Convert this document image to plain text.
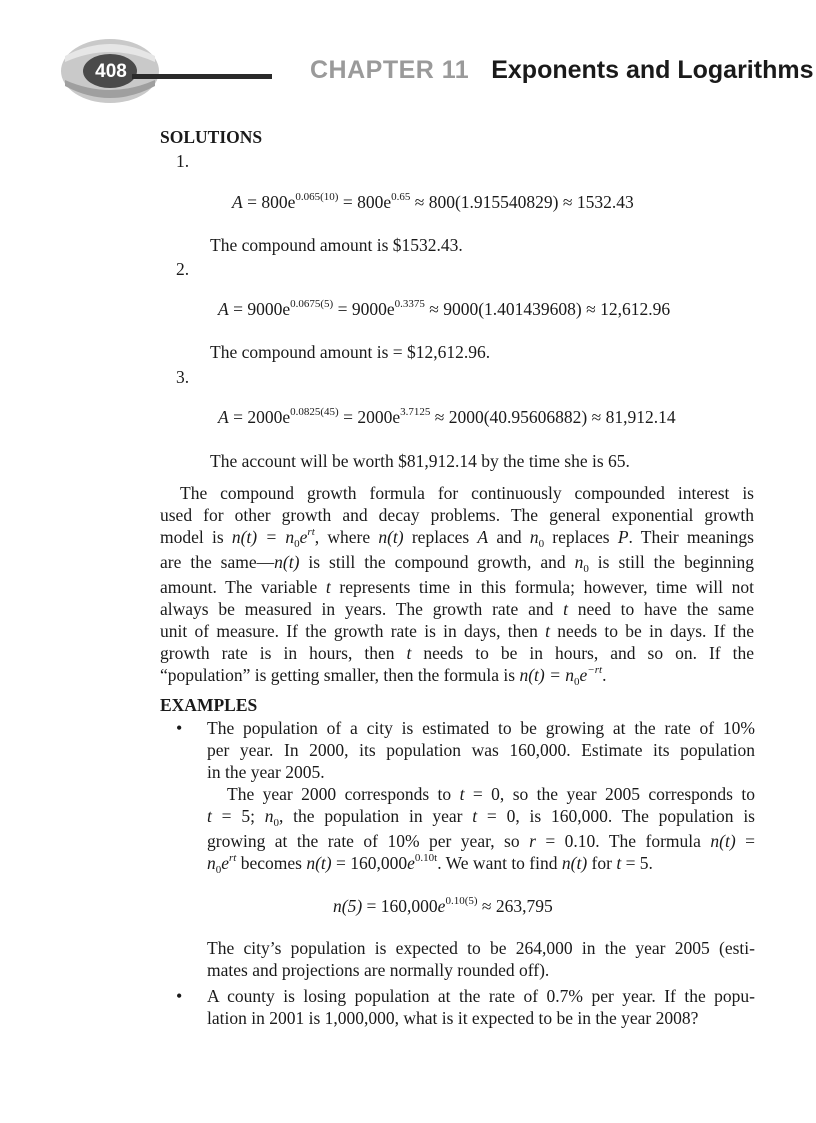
408	CHAPTER 11 Exponents and Logarithms
SOLUTIONS
1.
$A = 800e^{0.065(10)} = 800e^{0.65} \approx 800(1.915540829) \approx 1532.43$
The compound amount is $1532.43.
2.
$A = 9000e^{0.0675(5)} = 9000e^{0.3375} \approx 9000(1.401439608) \approx 12,612.96$
The compound amount is = $12,612.96.
3.
$A = 2000e^{0.0825(45)} = 2000e^{3.7125} \approx 2000(40.95606882) \approx 81,912.14$
The account will be worth $81,912.14 by the time she is 65.
The compound growth formula for continuously compounded interest is
used for other growth and decay problems. The general exponential growth
model is $n(t) = n_0e^{rt}$, where n(t) replaces A and $n_0$ replaces P. Their meanings
are the same—n(t) is still the compound growth, and $n_0$ is still the beginning
amount. The variable t represents time in this formula; however, time will not
always be measured in years. The growth rate and t need to have the same
unit of measure. If the growth rate is in days, then t needs to be in days. If the
growth rate is in hours, then t needs to be in hours, and so on. If the
“population” is getting smaller, then the formula is $n(t) = n_0e^{-rt}$.
EXAMPLES
• The population of a city is estimated to be growing at the rate of 10%
per year. In 2000, its population was 160,000. Estimate its population
in the year 2005.
The year 2000 corresponds to t = 0, so the year 2005 corresponds to
t = 5; $n_0$, the population in year t = 0, is 160,000. The population is
growing at the rate of 10% per year, so r = 0.10. The formula n(t) =
$n_0e^{rt}$ becomes $n(t) = 160,000e^{0.10t}$. We want to find n(t) for t = 5.
$n(5) = 160,000e^{0.10(5)} \approx 263,795$
The city’s population is expected to be 264,000 in the year 2005 (esti-
mates and projections are normally rounded off).
• A county is losing population at the rate of 0.7% per year. If the popu-
lation in 2001 is 1,000,000, what is it expected to be in the year 2008?
